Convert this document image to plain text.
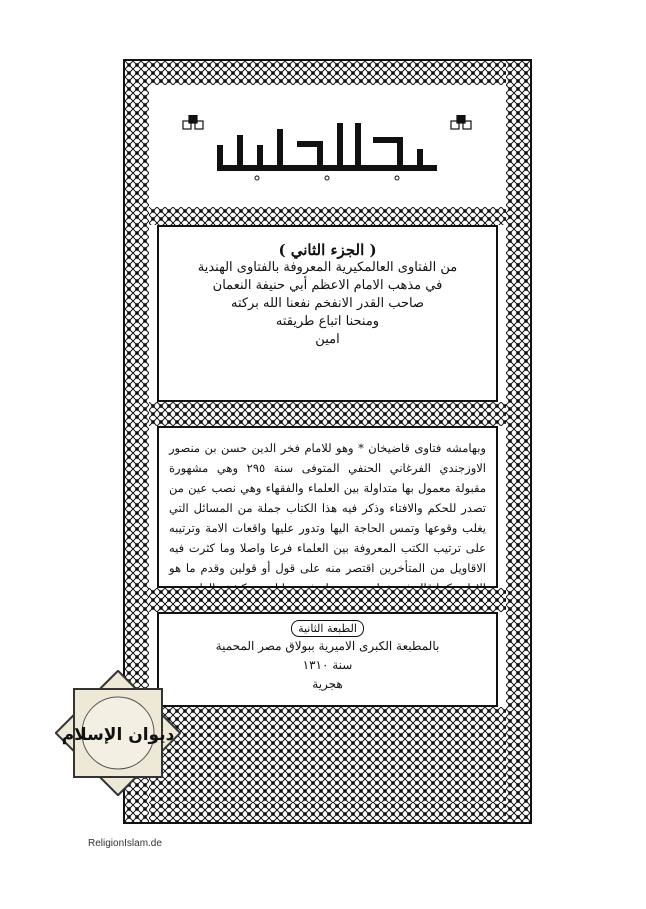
( الجزء الثاني )
من الفتاوى العالمكيرية المعروفة بالفتاوى الهندية
في مذهب الامام الاعظم أبي حنيفة النعمان
صاحب القدر الانفخم نفعنا الله بركته
ومنحنا اتباع طريقته
امين
وبهامشه فتاوى قاضيخان * وهو للامام فخر الدين حسن بن منصور الاوزجندي الفرغاني الحنفي المتوفى سنة ٢٩٥ وهي مشهورة مقبولة معمول بها متداولة بين العلماء والفقهاء وهي نصب عين من تصدر للحكم والافتاء وذكر فيه هذا الكتاب جملة من المسائل التي يغلب وقوعها وتمس الحاجة اليها وتدور عليها واقعات الامة وترتيبه على ترتيب الكتب المعروفة بين العلماء فرعا واصلا وما كثرت فيه الاقاويل من المتأخرين اقتصر منه على قول أو قولين وقدم ما هو
الطبعة الثانية
بالمطبعة الكبرى الاميرية ببولاق مصر المحمية
سنة ١٣١٠
هجرية
ديوان الإسلام
ReligionIslam.de
